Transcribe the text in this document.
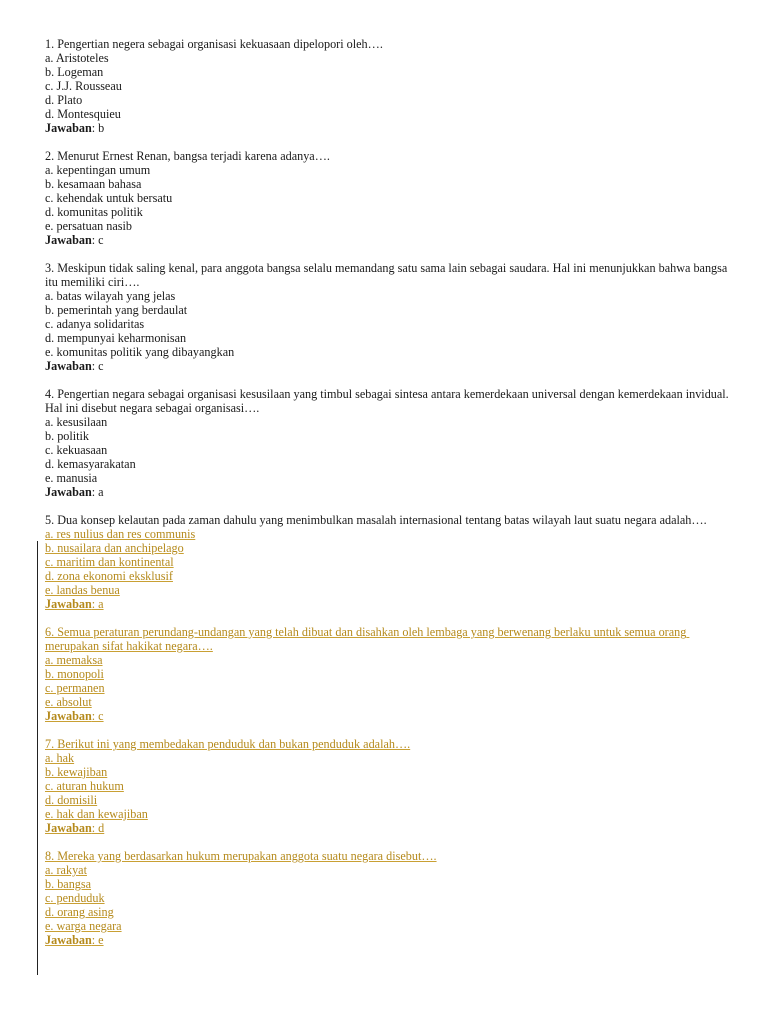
1. Pengertian negera sebagai organisasi kekuasaan dipelopori oleh….
a. Aristoteles
b. Logeman
c. J.J. Rousseau
d. Plato
d. Montesquieu
Jawaban: b
2. Menurut Ernest Renan, bangsa terjadi karena adanya….
a. kepentingan umum
b. kesamaan bahasa
c. kehendak untuk bersatu
d. komunitas politik
e. persatuan nasib
Jawaban: c
3. Meskipun tidak saling kenal, para anggota bangsa selalu memandang satu sama lain sebagai saudara. Hal ini menunjukkan bahwa bangsa itu memiliki ciri….
a. batas wilayah yang jelas
b. pemerintah yang berdaulat
c. adanya solidaritas
d. mempunyai keharmonisan
e. komunitas politik yang dibayangkan
Jawaban: c
4. Pengertian negara sebagai organisasi kesusilaan yang timbul sebagai sintesa antara kemerdekaan universal dengan kemerdekaan invidual. Hal ini disebut negara sebagai organisasi….
a. kesusilaan
b. politik
c. kekuasaan
d. kemasyarakatan
e. manusia
Jawaban: a
5. Dua konsep kelautan pada zaman dahulu yang menimbulkan masalah internasional tentang batas wilayah laut suatu negara adalah….
a. res nulius dan res communis
b. nusailara dan anchipelago
c. maritim dan kontinental
d. zona ekonomi eksklusif
e. landas benua
Jawaban: a
6. Semua peraturan perundang-undangan yang telah dibuat dan disahkan oleh lembaga yang berwenang berlaku untuk semua orang merupakan sifat hakikat negara….
a. memaksa
b. monopoli
c. permanen
e. absolut
Jawaban: c
7. Berikut ini yang membedakan penduduk dan bukan penduduk adalah….
a. hak
b. kewajiban
c. aturan hukum
d. domisili
e. hak dan kewajiban
Jawaban: d
8. Mereka yang berdasarkan hukum merupakan anggota suatu negara disebut….
a. rakyat
b. bangsa
c. penduduk
d. orang asing
e. warga negara
Jawaban: e
